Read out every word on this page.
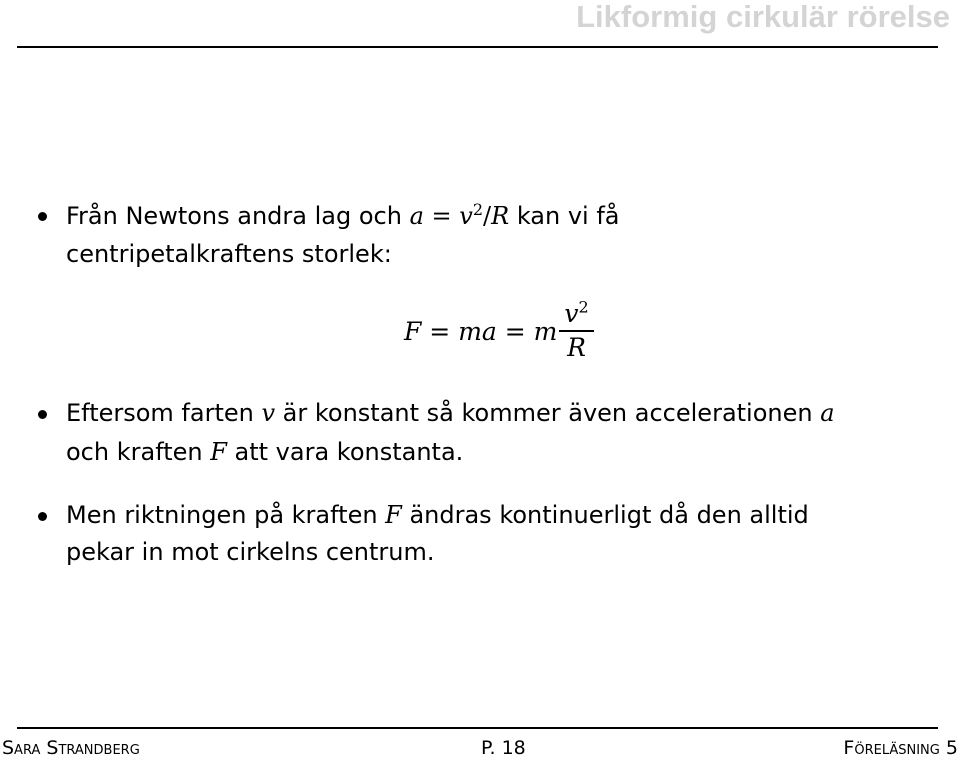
Likformig cirkulär rörelse
Från Newtons andra lag och $a = v^2/R$ kan vi få
centripetalkraftens storlek:
F = ma = m $\frac{v^2}{R}$
Eftersom farten v är konstant så kommer även accelerationen a
och kraften F att vara konstanta.
Men riktningen på kraften F ändras kontinuerligt då den alltid
pekar in mot cirkelns centrum.
Sara Strandberg	P. 18	Föreläsning 5
